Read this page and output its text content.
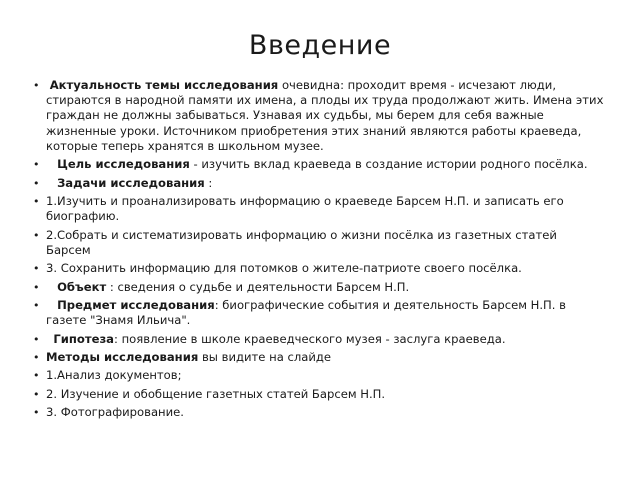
Введение
• Актуальность темы исследования очевидна: проходит время - исчезают люди, стираются в народной памяти их имена, а плоды их труда продолжают жить. Имена этих граждан не должны забываться. Узнавая их судьбы, мы берем для себя важные жизненные уроки. Источником приобретения этих знаний являются работы краеведа, которые теперь хранятся в школьном музее.
• Цель исследования - изучить вклад краеведа в создание истории родного посёлка.
• Задачи исследования :
• 1.Изучить и проанализировать информацию о краеведе Барсем Н.П. и записать его биографию.
• 2.Собрать и систематизировать информацию о жизни посёлка из газетных статей Барсем
• 3. Сохранить информацию для потомков о жителе-патриоте своего посёлка.
• Объект : сведения о судьбе и деятельности Барсем Н.П.
• Предмет исследования: биографические события и деятельность Барсем Н.П. в газете "Знамя Ильича".
• Гипотеза: появление в школе краеведческого музея - заслуга краеведа.
• Методы исследования вы видите на слайде
• 1.Анализ документов;
• 2. Изучение и обобщение газетных статей Барсем Н.П.
• 3. Фотографирование.
